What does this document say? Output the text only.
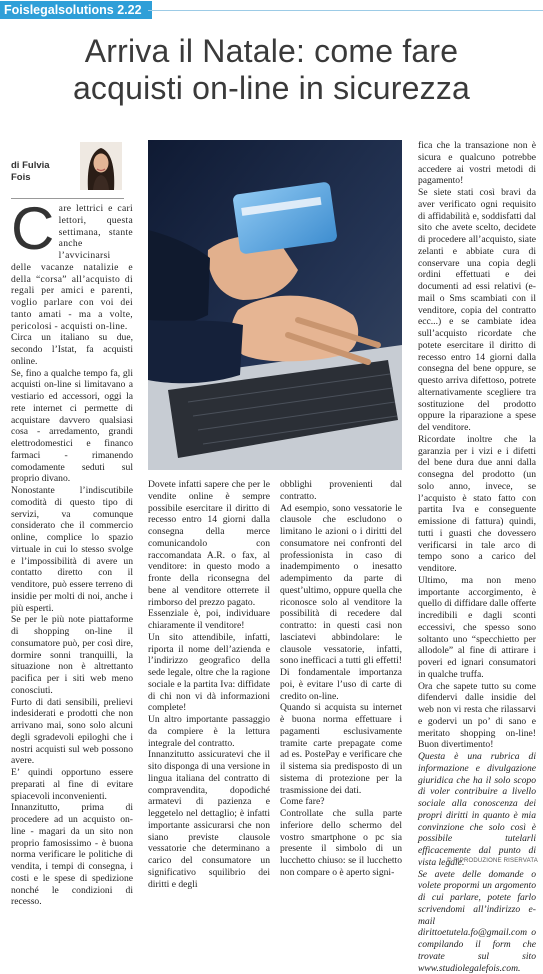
Foislegalsolutions 2.22
Arriva il Natale: come fare
acquisti on-line in sicurezza
di Fulvia
Fois

Care lettrici e cari lettori, questa settimana, stante anche l’avvicinarsi delle vacanze natalizie e della “corsa” all’acquisto di regali per amici e parenti, voglio parlare con voi dei tanto amati - ma a volte, pericolosi - acquisti on-line.

Circa un italiano su due, secondo l’Istat, fa acquisti online.

Se, fino a qualche tempo fa, gli acquisti on-line si limitavano a vestiario ed accessori, oggi la rete internet ci permette di acquistare davvero qualsiasi cosa - arredamento, grandi elettrodomestici e financo farmaci - rimanendo comodamente seduti sul proprio divano.

Nonostante l’indiscutibile comodità di questo tipo di servizi, va comunque considerato che il commercio online, complice lo spazio virtuale in cui lo stesso svolge e l’impossibilità di avere un contatto diretto con il venditore, può essere terreno di insidie per molti di noi, anche i più esperti.

Se per le più note piattaforme di shopping on-line il consumatore può, per così dire, dormire sonni tranquilli, la situazione non è altrettanto pacifica per i siti web meno conosciuti.

Furto di dati sensibili, prelievi indesiderati e prodotti che non arrivano mai, sono solo alcuni degli sgradevoli epiloghi che i nostri acquisti sul web possono avere.

E’ quindi opportuno essere preparati al fine di evitare spiacevoli inconvenienti.

Innanzitutto, prima di procedere ad un acquisto on-line - magari da un sito non proprio famosissimo - è buona norma verificare le politiche di vendita, i tempi di consegna, i costi e le spese di spedizione nonché le condizioni di recesso.

Dovete infatti sapere che per le vendite online è sempre possibile esercitare il diritto di recesso entro 14 giorni dalla consegna della merce comunicandolo con raccomandata A.R. o fax, al venditore: in questo modo a fronte della riconsegna del bene al venditore otterrete il rimborso del prezzo pagato.

Essenziale è, poi, individuare chiaramente il venditore!

Un sito attendibile, infatti, riporta il nome dell’azienda e l’indirizzo geografico della sede legale, oltre che la ragione sociale e la partita Iva: diffidate di chi non vi dà informazioni complete!

Un altro importante passaggio da compiere è la lettura integrale del contratto.

Innanzitutto assicuratevi che il sito disponga di una versione in lingua italiana del contratto di compravendita, dopodiché armatevi di pazienza e leggetelo nel dettaglio; è infatti importante assicurarsi che non siano previste clausole vessatorie che determinano a carico del consumatore un significativo squilibrio dei diritti e degli

obblighi provenienti dal contratto.

Ad esempio, sono vessatorie le clausole che escludono o limitano le azioni o i diritti del consumatore nei confronti del professionista in caso di inadempimento o inesatto adempimento da parte di quest’ultimo, oppure quella che riconosce solo al venditore la possibilità di recedere dal contratto: in questi casi non lasciatevi abbindolare: le clausole vessatorie, infatti, sono inefficaci a tutti gli effetti!

Di fondamentale importanza poi, è evitare l’uso di carte di credito on-line.

Quando si acquista su internet è buona norma effettuare i pagamenti esclusivamente tramite carte prepagate come ad es. PostePay e verificare che il sistema sia predisposto di un sistema di protezione per la trasmissione dei dati.

Come fare?

Controllate che sulla parte inferiore dello schermo del vostro smartphone o pc sia presente il simbolo di un lucchetto chiuso: se il lucchetto non compare o è aperto signi-

fica che la transazione non è sicura e qualcuno potrebbe accedere ai vostri metodi di pagamento!

Se siete stati così bravi da aver verificato ogni requisito di affidabilità e, soddisfatti dal sito che avete scelto, decidete di procedere all’acquisto, siate zelanti e abbiate cura di conservare una copia degli ordini effettuati e dei documenti ad essi relativi (e-mail o Sms scambiati con il venditore, copia del contratto ecc...) e se cambiate idea sull’acquisto ricordate che potete esercitare il diritto di recesso entro 14 giorni dalla consegna del bene oppure, se questo arriva difettoso, potrete alternativamente scegliere tra sostituzione del prodotto oppure la riparazione a spese del venditore.

Ricordate inoltre che la garanzia per i vizi e i difetti del bene dura due anni dalla consegna del prodotto (un solo anno, invece, se l’acquisto è stato fatto con partita Iva e conseguente emissione di fattura) quindi, tutti i guasti che dovessero verificarsi in tale arco di tempo sono a carico del venditore.

Ultimo, ma non meno importante accorgimento, è quello di diffidare dalle offerte incredibili e dagli sconti eccessivi, che spesso sono soltanto uno “specchietto per allodole” al fine di attirare i poveri ed ignari consumatori in qualche truffa.

Ora che sapete tutto su come difendervi dalle insidie del web non vi resta che rilassarvi e godervi un po’ di sano e meritato shopping on-line! Buon divertimento!

Questa è una rubrica di informazione e divulgazione giuridica che ha il solo scopo di voler contribuire a livello sociale alla conoscenza dei propri diritti in quanto è mia convinzione che solo così è possibile tutelarli efficacemente dal punto di vista legale.

Se avete delle domande o volete propormi un argomento di cui parlare, potete farlo scrivendomi all’indirizzo e-mail dirittoetutela.fo@gmail.com o compilando il form che trovate sul sito www.studiolegalefois.com.

© RIPRODUZIONE RISERVATA
